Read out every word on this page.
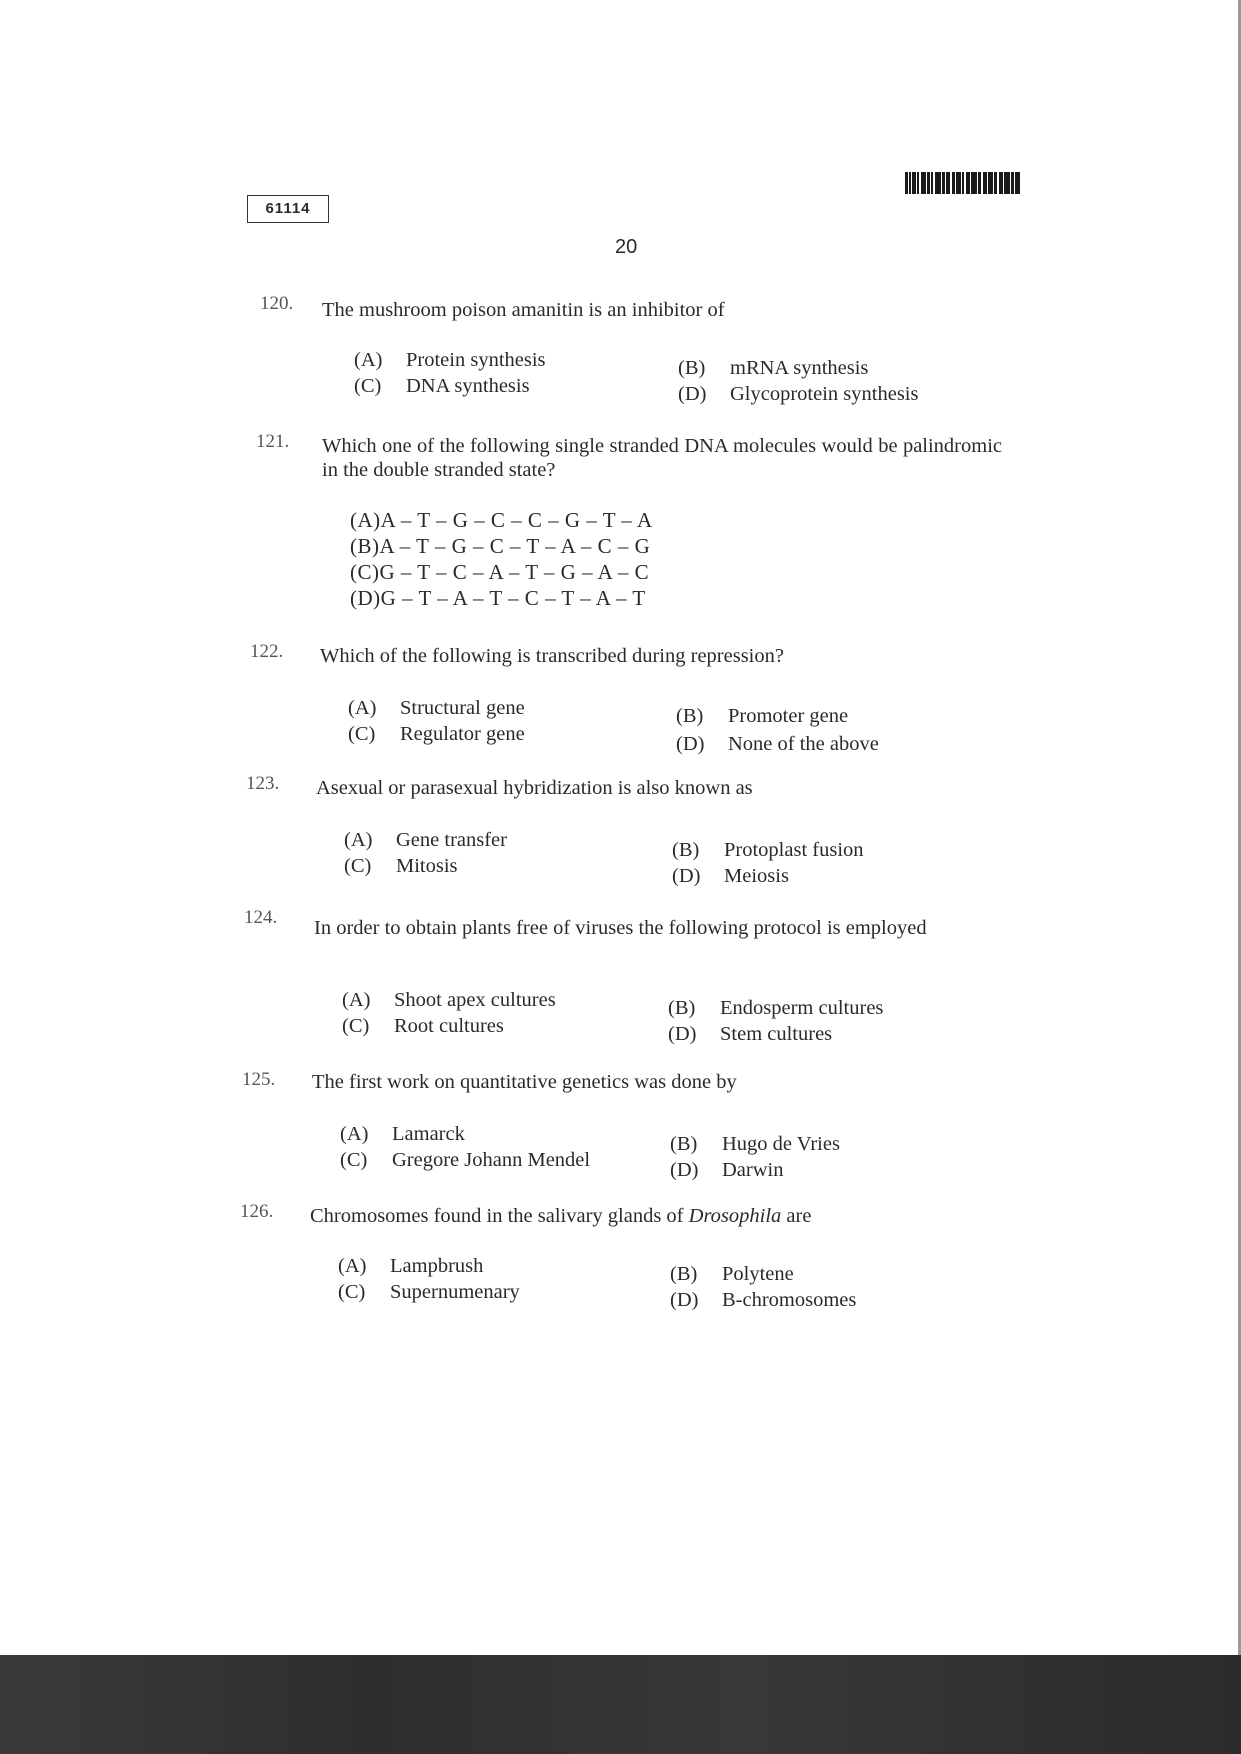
61114
20
120. The mushroom poison amanitin is an inhibitor of
(A) Protein synthesis	(B) mRNA synthesis
(C) DNA synthesis	(D) Glycoprotein synthesis
121. Which one of the following single stranded DNA molecules would be palindromic in the double stranded state?
(A)A – T – G – C – C – G – T – A
(B)A – T – G – C – T – A – C – G
(C)G – T – C – A – T – G – A – C
(D)G – T – A – T – C – T – A – T
122. Which of the following is transcribed during repression?
(A) Structural gene	(B) Promoter gene
(C) Regulator gene	(D) None of the above
123. Asexual or parasexual hybridization is also known as
(A) Gene transfer	(B) Protoplast fusion
(C) Mitosis	(D) Meiosis
124. In order to obtain plants free of viruses the following protocol is employed
(A) Shoot apex cultures	(B) Endosperm cultures
(C) Root cultures	(D) Stem cultures
125. The first work on quantitative genetics was done by
(A) Lamarck	(B) Hugo de Vries
(C) Gregore Johann Mendel	(D) Darwin
126. Chromosomes found in the salivary glands of Drosophila are
(A) Lampbrush	(B) Polytene
(C) Supernumenary	(D) B-chromosomes
